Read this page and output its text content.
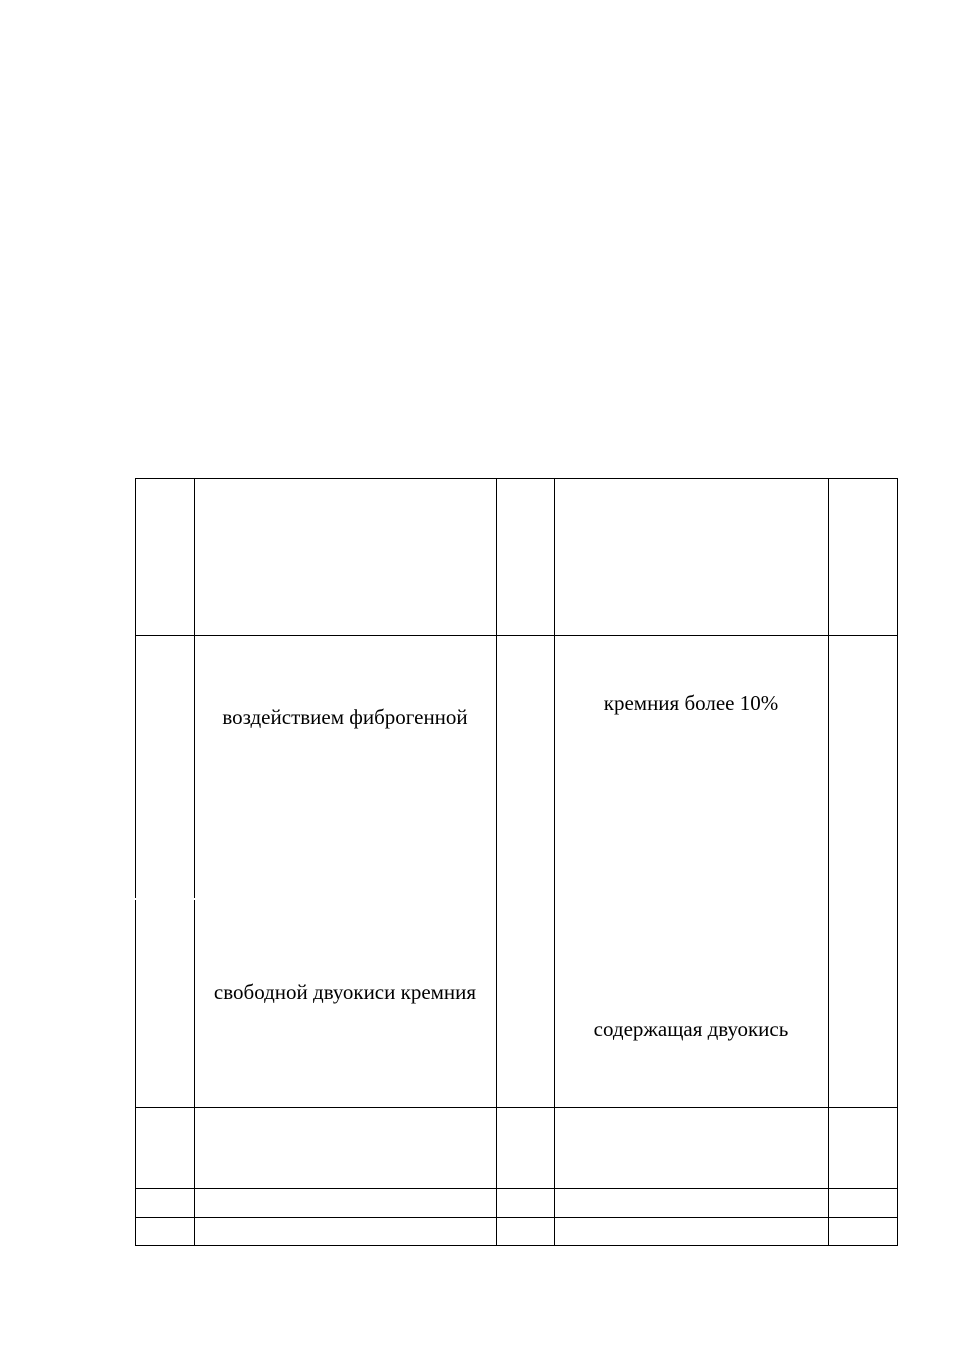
воздействием фиброгенной
кремния более 10%
свободной двуокиси кремния
содержащая двуокись
